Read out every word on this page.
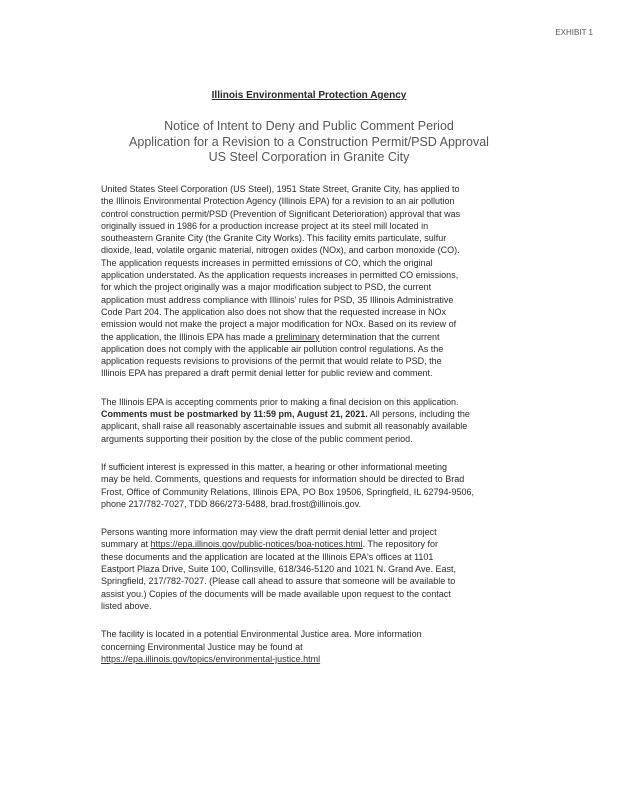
EXHIBIT 1
Illinois Environmental Protection Agency
Notice of Intent to Deny and Public Comment Period
Application for a Revision to a Construction Permit/PSD Approval
US Steel Corporation in Granite City

United States Steel Corporation (US Steel), 1951 State Street, Granite City, has applied to
the Illinois Environmental Protection Agency (Illinois EPA) for a revision to an air pollution
control construction permit/PSD (Prevention of Significant Deterioration) approval that was
originally issued in 1986 for a production increase project at its steel mill located in
southeastern Granite City (the Granite City Works). This facility emits particulate, sulfur
dioxide, lead, volatile organic material, nitrogen oxides (NOx), and carbon monoxide (CO).
The application requests increases in permitted emissions of CO, which the original
application understated. As the application requests increases in permitted CO emissions,
for which the project originally was a major modification subject to PSD, the current
application must address compliance with Illinois' rules for PSD, 35 Illinois Administrative
Code Part 204. The application also does not show that the requested increase in NOx
emission would not make the project a major modification for NOx. Based on its review of
the application, the Illinois EPA has made a preliminary determination that the current
application does not comply with the applicable air pollution control regulations. As the
application requests revisions to provisions of the permit that would relate to PSD, the
Illinois EPA has prepared a draft permit denial letter for public review and comment.

The Illinois EPA is accepting comments prior to making a final decision on this application.
Comments must be postmarked by 11:59 pm, August 21, 2021. All persons, including the
applicant, shall raise all reasonably ascertainable issues and submit all reasonably available
arguments supporting their position by the close of the public comment period.

If sufficient interest is expressed in this matter, a hearing or other informational meeting
may be held. Comments, questions and requests for information should be directed to Brad
Frost, Office of Community Relations, Illinois EPA, PO Box 19506, Springfield, IL 62794-9506,
phone 217/782-7027, TDD 866/273-5488, brad.frost@illinois.gov.

Persons wanting more information may view the draft permit denial letter and project
summary at https://epa.illinois.gov/public-notices/boa-notices.html. The repository for
these documents and the application are located at the Illinois EPA's offices at 1101
Eastport Plaza Drive, Suite 100, Collinsville, 618/346-5120 and 1021 N. Grand Ave. East,
Springfield, 217/782-7027. (Please call ahead to assure that someone will be available to
assist you.) Copies of the documents will be made available upon request to the contact
listed above.

The facility is located in a potential Environmental Justice area. More information
concerning Environmental Justice may be found at
https://epa.illinois.gov/topics/environmental-justice.html
